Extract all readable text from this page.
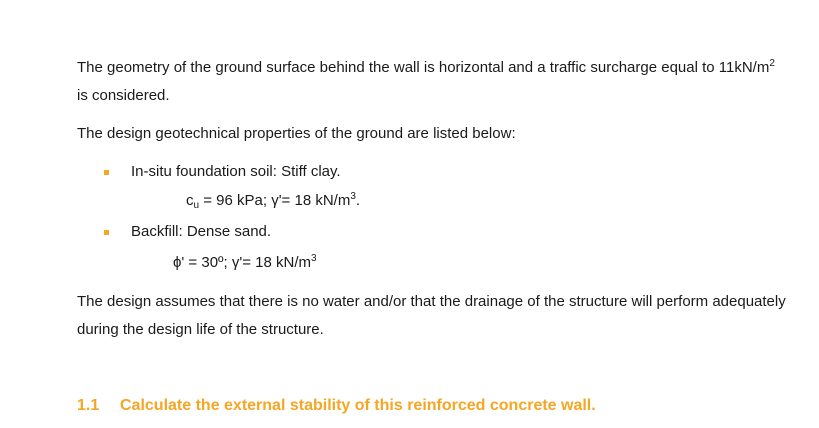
The geometry of the ground surface behind the wall is horizontal and a traffic surcharge equal to $11kN/m^2$ is considered.

The design geotechnical properties of the ground are listed below:

In-situ foundation soil: Stiff clay.
$c_u = 96$ kPa; γ'= 18 $kN/m^3$.
Backfill: Dense sand.
ϕ' = 30º; γ'= 18 $kN/m^3$

The design assumes that there is no water and/or that the drainage of the structure will perform adequately during the design life of the structure.

1.1 Calculate the external stability of this reinforced concrete wall.
